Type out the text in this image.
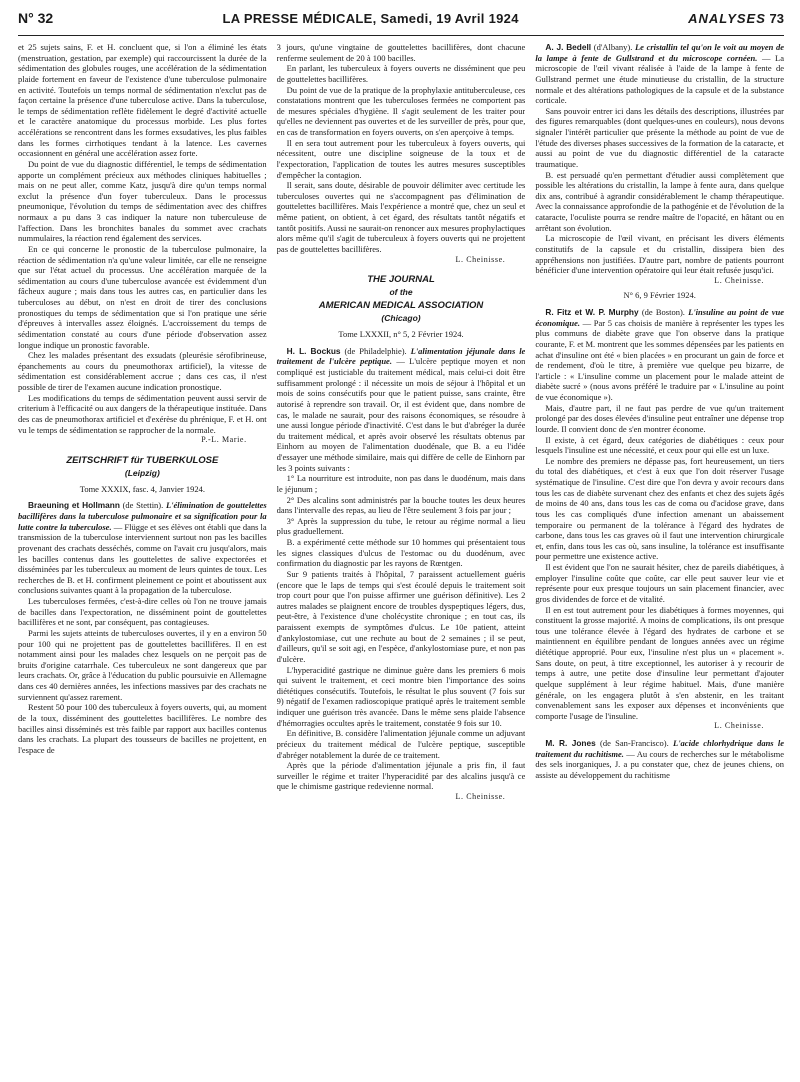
N° 32	LA PRESSE MÉDICALE, Samedi, 19 Avril 1924	ANALYSES 73

et 25 sujets sains, F. et H. concluent que, si l'on a éliminé les états (menstruation, gestation, par exemple) qui raccourcissent la durée de la sédimentation des globules rouges, une accélération de la sédimentation plaide fortement en faveur de l'existence d'une tuberculose pulmonaire en activité. Toutefois un temps normal de sédimentation n'exclut pas de façon certaine la présence d'une tuberculose active. Dans la tuberculose, le temps de sédimentation reflète fidèlement le degré d'activité actuelle et le caractère anatomique du processus morbide. Les plus fortes accélérations se rencontrent dans les formes exsudatives, les plus faibles dans les formes cirrhotiques tendant à la latence. Les cavernes occasionnent en général une accélération assez forte.

Du point de vue du diagnostic différentiel, le temps de sédimentation apporte un complément précieux aux méthodes cliniques habituelles ; mais on ne peut aller, comme Katz, jusqu'à dire qu'un temps normal exclut la présence d'un foyer tuberculeux. Dans le processus pneumonique, l'évolution du temps de sédimentation avec des chiffres normaux a pu dans 3 cas indiquer la nature non tuberculeuse de l'affection. Dans les bronchites banales du sommet avec crachats nummulaires, la réaction rend également des services.

En ce qui concerne le pronostic de la tuberculose pulmonaire, la réaction de sédimentation n'a qu'une valeur limitée, car elle ne renseigne que sur l'état actuel du processus. Une accélération marquée de la sédimentation au cours d'une tuberculose avancée est évidemment d'un fâcheux augure ; mais dans tous les autres cas, en particulier dans les tuberculoses au début, on n'est en droit de tirer des conclusions pronostiques du temps de sédimentation que si l'on pratique une série d'épreuves à intervalles assez éloignés. L'accroissement du temps de sédimentation constaté au cours d'une période d'observation assez longue indique un pronostic favorable.

Chez les malades présentant des exsudats (pleurésie sérofibrineuse, épanchements au cours du pneumothorax artificiel), la vitesse de sédimentation est considérablement accrue ; dans ces cas, il n'est possible de tirer de l'examen aucune indication pronostique.

Les modifications du temps de sédimentation peuvent aussi servir de criterium à l'efficacité ou aux dangers de la thérapeutique instituée. Dans des cas de pneumothorax artificiel et d'exérèse du phrénique, F. et H. ont vu le temps de sédimentation se rapprocher de la normale.

P.-L. Marie.
ZEITSCHRIFT für TUBERKULOSE
(Leipzig)
Tome XXXIX, fasc. 4, Janvier 1924.

Braeuning et Hollmann (de Stettin). L'élimination de gouttelettes bacillifères dans la tuberculose pulmonaire et sa signification pour la lutte contre la tuberculose. — Flügge et ses élèves ont établi que dans la transmission de la tuberculose interviennent surtout non pas les bacilles provenant des crachats desséchés, comme on l'avait cru jusqu'alors, mais les bacilles contenus dans les gouttelettes de salive expectorées et disséminées par les tuberculeux au moment de leurs quintes de toux. Les recherches de B. et H. confirment pleinement ce point et aboutissent aux conclusions suivantes quant à la propagation de la tuberculose.

Les tuberculoses fermées, c'est-à-dire celles où l'on ne trouve jamais de bacilles dans l'expectoration, ne disséminent point de gouttelettes bacillifères et ne sont, par conséquent, pas contagieuses.

Parmi les sujets atteints de tuberculoses ouvertes, il y en a environ 50 pour 100 qui ne projettent pas de gouttelettes bacillifères. Il en est notamment ainsi pour les malades chez lesquels on ne perçoit pas de bruits d'origine catarrhale. Ces tuberculeux ne sont dangereux que par leurs crachats. Or, grâce à l'éducation du public poursuivie en Allemagne dans ces 40 dernières années, les infections massives par des crachats ne surviennent qu'assez rarement.

Restent 50 pour 100 des tuberculeux à foyers ouverts, qui, au moment de la toux, disséminent des gouttelettes bacillifères. Le nombre des bacilles ainsi disséminés est très faible par rapport aux bacilles contenus dans les crachats. La plupart des tousseurs de bacilles ne projettent, en l'espace de

3 jours, qu'une vingtaine de gouttelettes bacillifères, dont chacune renferme seulement de 20 à 100 bacilles.

En parlant, les tuberculeux à foyers ouverts ne disséminent que peu de gouttelettes bacillifères.

Du point de vue de la pratique de la prophylaxie antituberculeuse, ces constatations montrent que les tuberculoses fermées ne comportent pas de mesures spéciales d'hygiène. Il s'agit seulement de les traiter pour qu'elles ne deviennent pas ouvertes et de les surveiller de près, pour que, en cas de transformation en foyers ouverts, on s'en aperçoive à temps.

Il en sera tout autrement pour les tuberculeux à foyers ouverts, qui nécessitent, outre une discipline soigneuse de la toux et de l'expectoration, l'application de toutes les autres mesures susceptibles d'empêcher la contagion.

Il serait, sans doute, désirable de pouvoir délimiter avec certitude les tuberculoses ouvertes qui ne s'accompagnent pas d'élimination de gouttelettes bacillifères. Mais l'expérience a montré que, chez un seul et même patient, on obtient, à cet égard, des résultats tantôt négatifs et tantôt positifs. Aussi ne saurait-on renoncer aux mesures prophylactiques alors même qu'il s'agit de tuberculeux à foyers ouverts qui ne projettent pas de gouttelettes bacillifères.

L. Cheinisse.
THE JOURNAL
of the
AMERICAN MEDICAL ASSOCIATION
(Chicago)
Tome LXXXII, n° 5, 2 Février 1924.

H. L. Bockus (de Philadelphie). L'alimentation jéjunale dans le traitement de l'ulcère peptique. — L'ulcère peptique moyen et non compliqué est justiciable du traitement médical, mais celui-ci doit être suffisamment prolongé : il nécessite un mois de séjour à l'hôpital et un mois de soins consécutifs pour que le patient puisse, sans crainte, être autorisé à reprendre son travail. Or, il est évident que, dans nombre de cas, le malade ne saurait, pour des raisons économiques, se résoudre à une aussi longue période d'inactivité. C'est dans le but d'abréger la durée du traitement médical, et après avoir observé les résultats obtenus par Einhorn au moyen de l'alimentation duodénale, que B. a eu l'idée d'essayer une méthode similaire, mais qui diffère de celle de Einhorn par les 3 points suivants :

1° La nourriture est introduite, non pas dans le duodénum, mais dans le jéjunum ;

2° Des alcalins sont administrés par la bouche toutes les deux heures dans l'intervalle des repas, au lieu de l'être seulement 3 fois par jour ;

3° Après la suppression du tube, le retour au régime normal a lieu plus graduellement.

B. a expérimenté cette méthode sur 10 hommes qui présentaient tous les signes classiques d'ulcus de l'estomac ou du duodénum, avec confirmation du diagnostic par les rayons de Rœntgen.

Sur 9 patients traités à l'hôpital, 7 paraissent actuellement guéris (encore que le laps de temps qui s'est écoulé depuis le traitement soit trop court pour que l'on puisse affirmer une guérison définitive). Les 2 autres malades se plaignent encore de troubles dyspeptiques légers, dus, peut-être, à l'existence d'une cholécystite chronique ; en tout cas, ils paraissent exempts de symptômes d'ulcus. Le 10e patient, atteint d'ankylostomiase, cut une rechute au bout de 2 semaines ; il se peut, d'ailleurs, qu'il se soit agi, en l'espèce, d'ankylostomiase pure, et non pas d'ulcère.

L'hyperacidité gastrique ne diminue guère dans les premiers 6 mois qui suivent le traitement, et ceci montre bien l'importance des soins diététiques consécutifs. Toutefois, le résultat le plus souvent (7 fois sur 9) négatif de l'examen radioscopique pratiqué après le traitement semble indiquer une guérison très avancée. Dans le même sens plaide l'absence d'hémorragies occultes après le traitement, constatée 9 fois sur 10.

En définitive, B. considère l'alimentation jéjunale comme un adjuvant précieux du traitement médical de l'ulcère peptique, susceptible d'abréger notablement la durée de ce traitement.

Après que la période d'alimentation jéjunale a pris fin, il faut surveiller le régime et traiter l'hyperacidité par des alcalins jusqu'à ce que le chimisme gastrique redevienne normal.

L. Cheinisse.

A. J. Bedell (d'Albany). Le cristallin tel qu'on le voit au moyen de la lampe à fente de Gullstrand et du microscope cornéen. — La microscopie de l'œil vivant réalisée à l'aide de la lampe à fente de Gullstrand permet une étude minutieuse du cristallin, de la structure normale et des altérations pathologiques de la capsule et de la substance corticale.

Sans pouvoir entrer ici dans les détails des descriptions, illustrées par des figures remarquables (dont quelques-unes en couleurs), nous devons signaler l'intérêt particulier que présente la méthode au point de vue de l'étude des diverses phases successives de la formation de la cataracte, et aussi au point de vue du diagnostic différentiel de la cataracte traumatique.

B. est persuadé qu'en permettant d'étudier aussi complètement que possible les altérations du cristallin, la lampe à fente aura, dans quelque dix ans, contribué à agrandir considérablement le champ thérapeutique. Avec la connaissance approfondie de la pathogénie et de l'évolution de la cataracte, l'oculiste pourra se rendre maître de l'opacité, en hâtant ou en arrêtant son évolution.

La microscopie de l'œil vivant, en précisant les divers éléments constitutifs de la capsule et du cristallin, dissipera bien des appréhensions non justifiées. D'autre part, nombre de patients pourront bénéficier d'une intervention opératoire qui leur était refusée jusqu'ici.

L. Cheinisse.
N° 6, 9 Février 1924.

R. Fitz et W. P. Murphy (de Boston). L'insuline au point de vue économique. — Par 5 cas choisis de manière à représenter les types les plus communs de diabète grave que l'on observe dans la pratique courante, F. et M. montrent que les sommes dépensées par les patients en achat d'insuline ont été « bien placées » en procurant un gain de force et de rendement, d'où le titre, à première vue quelque peu bizarre, de l'article : « L'insuline comme un placement pour le malade atteint de diabète sucré » (nous avons préféré le traduire par « L'insuline au point de vue économique »).

Mais, d'autre part, il ne faut pas perdre de vue qu'un traitement prolongé par des doses élevées d'insuline peut entraîner une dépense trop lourde. Il convient donc de s'en montrer économe.

Il existe, à cet égard, deux catégories de diabétiques : ceux pour lesquels l'insuline est une nécessité, et ceux pour qui elle est un luxe.

Le nombre des premiers ne dépasse pas, fort heureusement, un tiers du total des diabétiques, et c'est à eux que l'on doit réserver l'usage systématique de l'insuline. C'est dire que l'on devra y avoir recours dans tous les cas de diabète survenant chez des enfants et chez des sujets âgés de moins de 40 ans, dans tous les cas de coma ou d'acidose grave, dans tous les cas compliqués d'une infection amenant un abaissement temporaire ou permanent de la tolérance à l'égard des hydrates de carbone, dans tous les cas graves où il faut une intervention chirurgicale et, enfin, dans tous les cas où, sans insuline, la tolérance est insuffisante pour permettre une existence active.

Il est évident que l'on ne saurait hésiter, chez de pareils diabétiques, à employer l'insuline coûte que coûte, car elle peut sauver leur vie et représente pour eux presque toujours un sain placement financier, avec gros dividendes de force et de vitalité.

Il en est tout autrement pour les diabétiques à formes moyennes, qui constituent la grosse majorité. A moins de complications, ils ont presque tous une tolérance élevée à l'égard des hydrates de carbone et se maintiennent en équilibre pendant de longues années avec un régime diététique approprié. Pour eux, l'insuline n'est plus un « placement ». Sans doute, on peut, à titre exceptionnel, les autoriser à y recourir de temps à autre, une petite dose d'insuline leur permettant d'ajouter quelque supplément à leur régime habituel. Mais, d'une manière générale, on les engagera plutôt à s'en abstenir, en les traitant convenablement sans les exposer aux dépenses et inconvénients que comporte l'usage de l'insuline.

L. Cheinisse.

M. R. Jones (de San-Francisco). L'acide chlorhydrique dans le traitement du rachitisme. — Au cours de recherches sur le métabolisme des sels inorganiques, J. a pu constater que, chez de jeunes chiens, on assiste au développement du rachitisme
